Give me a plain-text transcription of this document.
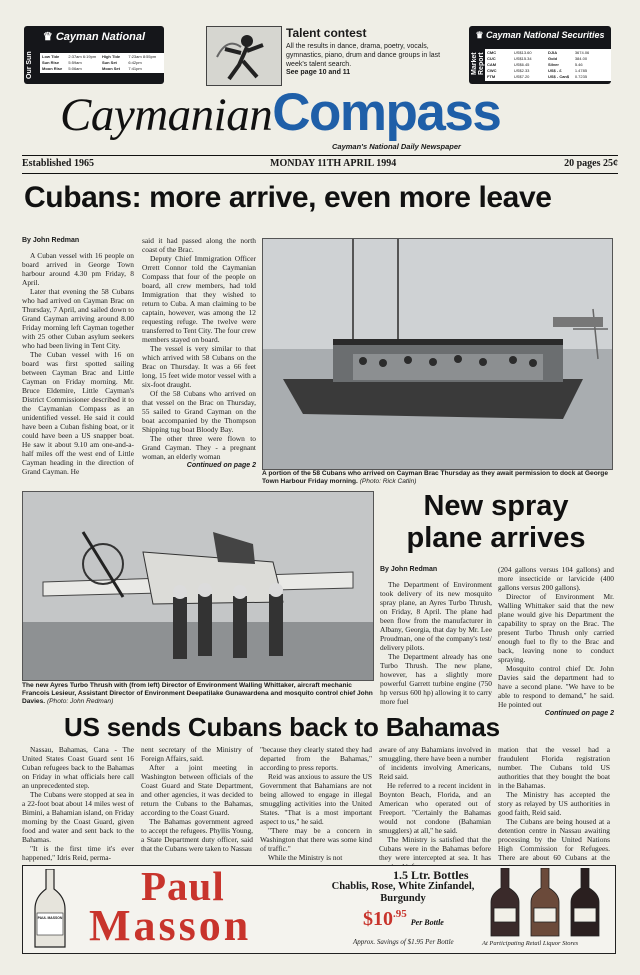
Our Sun
♛ Cayman National
Low Tide	2:37am 6:19pm	High Tide	7:23am 8:55pm
Sun Rise	5:59am	Sun Set	6:42pm
Moon Rise	5:06am	Moon Set	7:41pm
Talent contest
All the results in dance, drama, poetry, vocals, gymnastics, piano, drum and dance groups in last week's talent search.
See page 10 and 11	Market Report
♛ Cayman National Securities
CMC	US$13.60	DJIA	3674.06
CUC	US$15.34	Gold	384.00
CAM	US$6.45	Silver	5.46
CWC	US$2.33	US$ - £	1.4785
FTM	US$7.20	US$ - Can$	0.7235
CaymanianCompass
Cayman's National Daily Newspaper
Established 1965	MONDAY 11TH APRIL 1994	20 pages 25¢
Cubans: more arrive, even more leave
By John Redman

A Cuban vessel with 16 people on board arrived in George Town harbour around 4.30 pm Friday, 8 April.

Later that evening the 58 Cubans who had arrived on Cayman Brac on Thursday, 7 April, and sailed down to Grand Cayman arriving around 8.00 Friday morning left Cayman together with 25 other Cuban asylum seekers who had been living in Tent City.

The Cuban vessel with 16 on board was first spotted sailing between Cayman Brac and Little Cayman on Friday morning. Mr. Bruce Eldemire, Little Cayman's District Commissioner described it to the Caymanian Compass as an unidentified vessel. He said it could have been a Cuban fishing boat, or it could have been a US snapper boat. He saw it about 9.10 am one-and-a-half miles off the west end of Little Cayman heading in the direction of Grand Cayman. He

said it had passed along the north coast of the Brac.

Deputy Chief Immigration Officer Orrett Connor told the Caymanian Compass that four of the people on board, all crew members, had told Immigration that they wished to return to Cuba. A man claiming to be captain, however, was among the 12 requesting refuge. The twelve were transferred to Tent City. The four crew members stayed on board.

The vessel is very similar to that which arrived with 58 Cubans on the Brac on Thursday. It was a 66 feet long, 15 feet wide motor vessel with a six-foot draught.

Of the 58 Cubans who arrived on that vessel on the Brac on Thursday, 55 sailed to Grand Cayman on the boat accompanied by the Thompson Shipping tug boat Bloody Bay.

The other three were flown to Grand Cayman. They - a pregnant woman, an elderly woman

Continued on page 2
A portion of the 58 Cubans who arrived on Cayman Brac Thursday as they await permission to dock at George Town Harbour Friday morning. (Photo: Rick Catlin)
The new Ayres Turbo Thrush with (from left) Director of Environment Walling Whittaker, aircraft mechanic Francois Lesieur, Assistant Director of Environment Deepatilake Gunawardena and mosquito control chief John Davies. (Photo: John Redman)
New spray
plane arrives
By John Redman

The Department of Environment took delivery of its new mosquito spray plane, an Ayres Turbo Thrush, on Friday, 8 April. The plane had been flow from the manufacturer in Albany, Georgia, that day by Mr. Lee Proudman, one of the company's test/ delivery pilots.

The Department already has one Turbo Thrush. The new plane, however, has a slightly more powerful Garrett turbine engine (750 hp versus 600 hp) allowing it to carry more fuel

(204 gallons versus 104 gallons) and more insecticide or larvicide (400 gallons versus 200 gallons).

Director of Environment Mr. Walling Whittaker said that the new plane would give his Department the capability to spray on the Brac. The present Turbo Thrush only carried enough fuel to fly to the Brac and back, leaving none to conduct spraying.

Mosquito control chief Dr. John Davies said the department had to have a second plane. "We have to be able to respond to demand," he said. He pointed out

Continued on page 2
US sends Cubans back to Bahamas

Nassau, Bahamas, Cana - The United States Coast Guard sent 16 Cuban refugees back to the Bahamas on Friday in what officials here call an unprecedented step.

The Cubans were stopped at sea in a 22-foot boat about 14 miles west of Bimini, a Bahamian island, on Friday morning by the Coast Guard, given food and water and sent back to the Bahamas.

"It is the first time it's ever happened," Idris Reid, perma-

nent secretary of the Ministry of Foreign Affairs, said.

After a joint meeting in Washington between officials of the Coast Guard and State Department, and other agencies, it was decided to return the Cubans to the Bahamas, according to the Coast Guard.

The Bahamas government agreed to accept the refugees. Phyllis Young, a State Department duty officer, said that the Cubans were taken to Nassau

"because they clearly stated they had departed from the Bahamas," according to press reports.

Reid was anxious to assure the US Government that Bahamians are not being allowed to engage in illegal smuggling activities into the United States. "That is a most important aspect to us," he said.

"There may be a concern in Washington that there was some kind of traffic."

While the Ministry is not

aware of any Bahamians involved in smuggling, there have been a number of incidents involving Americans, Reid said.

He referred to a recent incident in Boynton Beach, Florida, and an American who operated out of Freeport. "Certainly the Bahamas would not condone (Bahamian smugglers) at all," he said.

The Ministry is satisfied that the Cubans were in the Bahamas before they were intercepted at sea. It has

mation that the vessel had a fraudulent Florida registration number. The Cubans told US authorities that they bought the boat in the Bahamas.

The Ministry has accepted the story as relayed by US authorities in good faith, Reid said.

The Cubans are being housed at a detention centre in Nassau awaiting processing by the United Nations High Commission for Refugees. There are about 60 Cubans at the

PAUL MASSON
Paul
Masson
1.5 Ltr. Bottles
Chablis, Rose, White Zinfandel, Burgundy
$\$10^{.95}$ Per Bottle
Approx. Savings of $1.95 Per Bottle	At Participating Retail Liquor Stores
